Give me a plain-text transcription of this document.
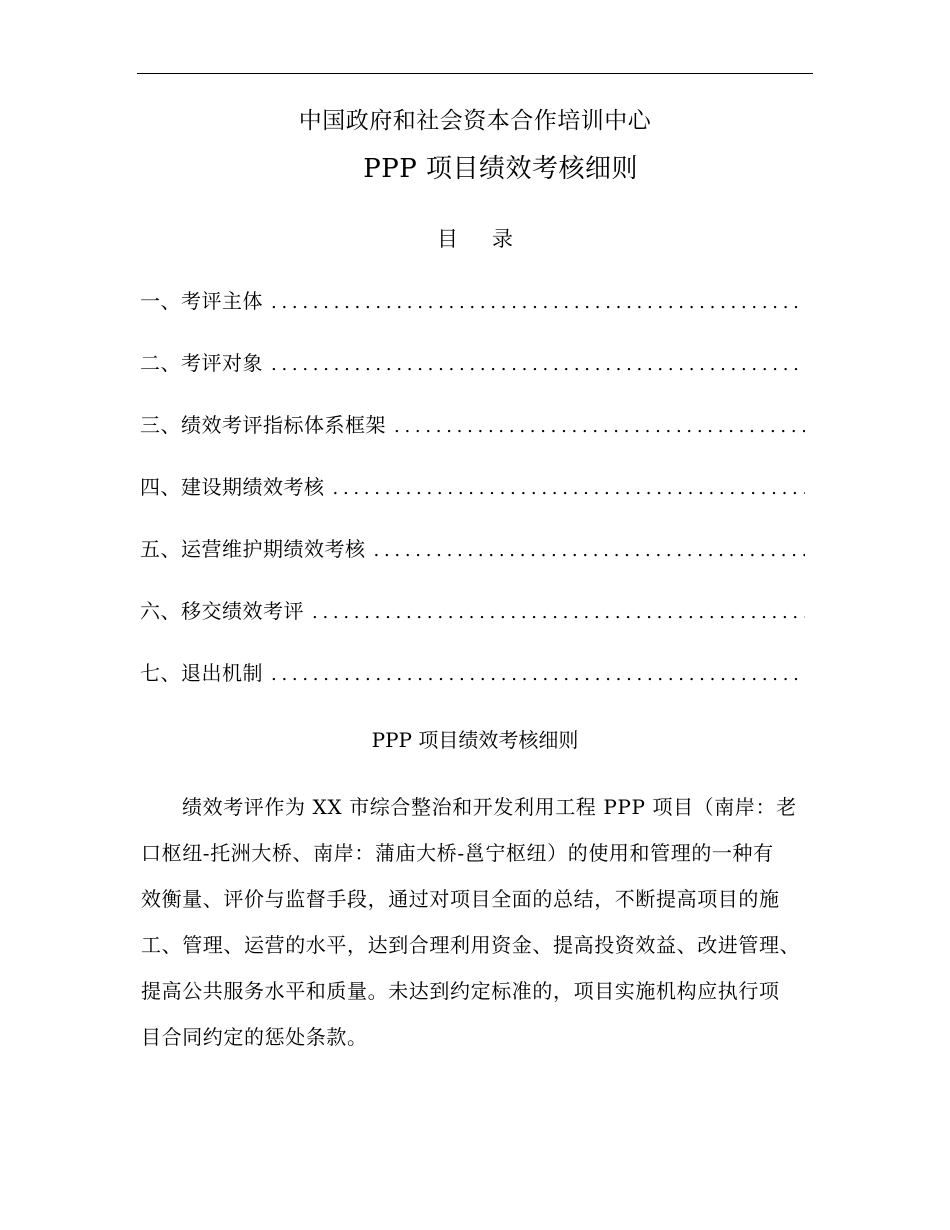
中国政府和社会资本合作培训中心
PPP 项目绩效考核细则
目 录
一、考评主体
. . .
二、考评对象
. . .
三、绩效考评指标体系框架
. . .
四、建设期绩效考核
. . .
五、运营维护期绩效考核
. . .
六、移交绩效考评
. . .
七、退出机制
. . .
PPP 项目绩效考核细则

绩效考评作为 XX 市综合整治和开发利用工程 PPP 项目（南岸：老
口枢纽-托洲大桥、南岸：蒲庙大桥-邕宁枢纽）的使用和管理的一种有
效衡量、评价与监督手段，通过对项目全面的总结，不断提高项目的施
工、管理、运营的水平，达到合理利用资金、提高投资效益、改进管理、
提高公共服务水平和质量。未达到约定标准的，项目实施机构应执行项
目合同约定的惩处条款。
